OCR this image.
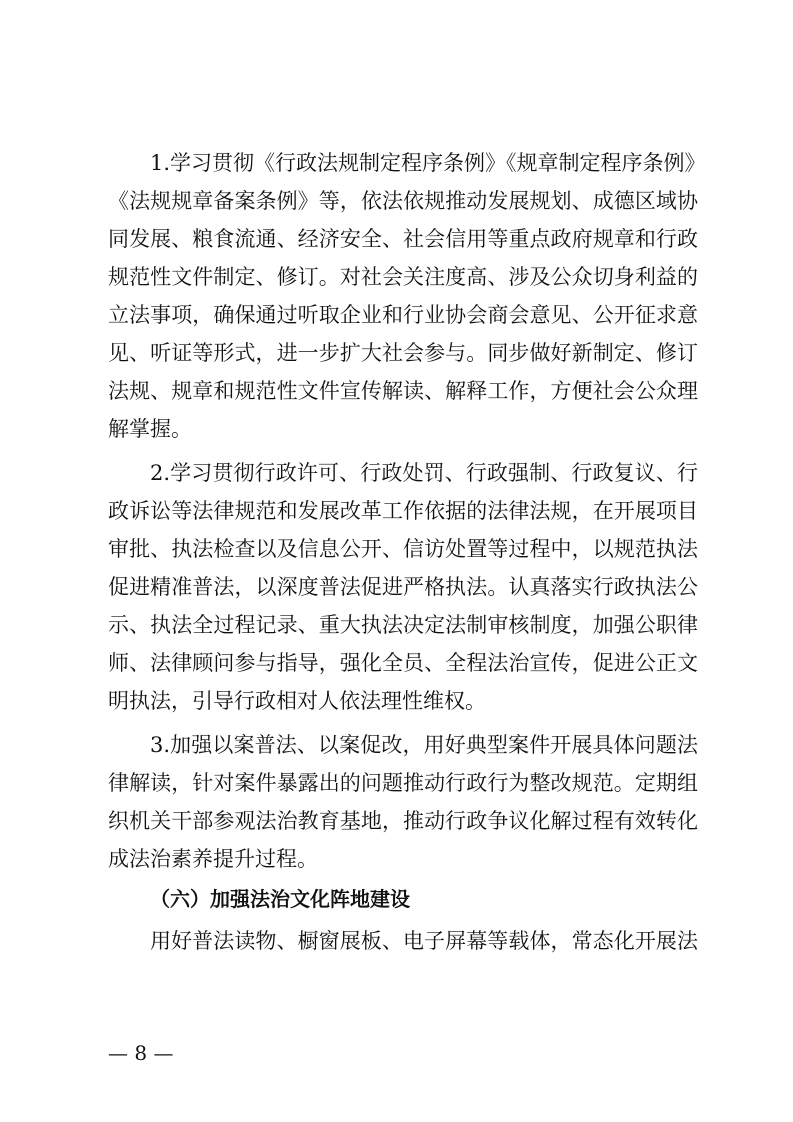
1.学习贯彻《行政法规制定程序条例》《规章制定程序条例》
《法规规章备案条例》等，依法依规推动发展规划、成德区域协
同发展、粮食流通、经济安全、社会信用等重点政府规章和行政
规范性文件制定、修订。对社会关注度高、涉及公众切身利益的
立法事项，确保通过听取企业和行业协会商会意见、公开征求意
见、听证等形式，进一步扩大社会参与。同步做好新制定、修订
法规、规章和规范性文件宣传解读、解释工作，方便社会公众理
解掌握。
2.学习贯彻行政许可、行政处罚、行政强制、行政复议、行
政诉讼等法律规范和发展改革工作依据的法律法规，在开展项目
审批、执法检查以及信息公开、信访处置等过程中，以规范执法
促进精准普法，以深度普法促进严格执法。认真落实行政执法公
示、执法全过程记录、重大执法决定法制审核制度，加强公职律
师、法律顾问参与指导，强化全员、全程法治宣传，促进公正文
明执法，引导行政相对人依法理性维权。
3.加强以案普法、以案促改，用好典型案件开展具体问题法
律解读，针对案件暴露出的问题推动行政行为整改规范。定期组
织机关干部参观法治教育基地，推动行政争议化解过程有效转化
成法治素养提升过程。
（六）加强法治文化阵地建设
用好普法读物、橱窗展板、电子屏幕等载体，常态化开展法
— 8 —
